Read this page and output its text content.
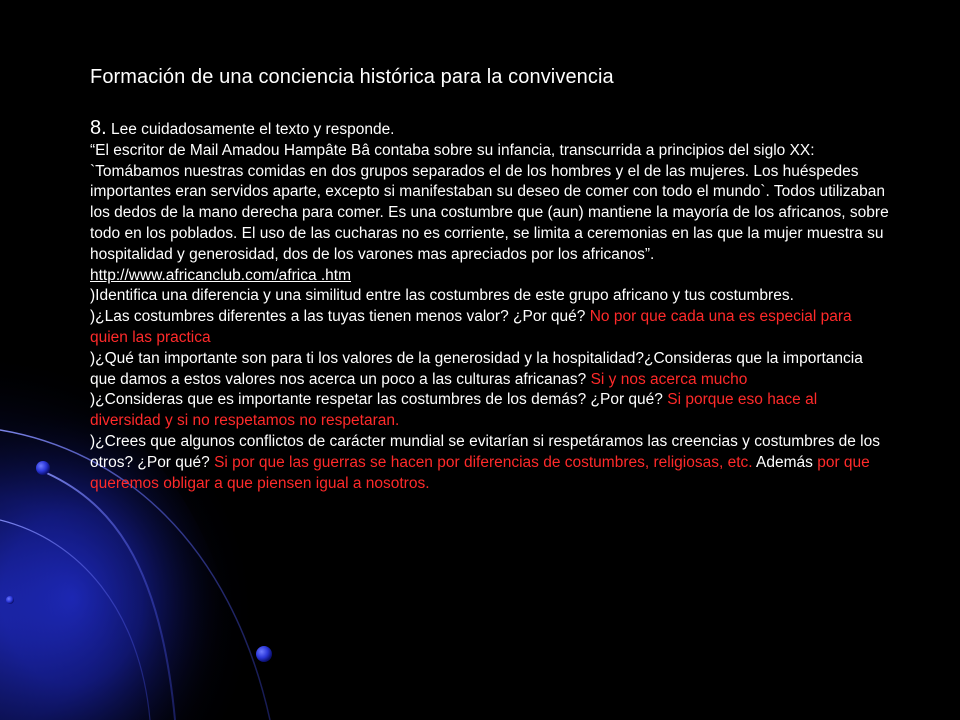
Formación de una conciencia histórica para la convivencia

8. Lee cuidadosamente el texto y responde.

“El escritor de Mail Amadou Hampâte Bâ contaba sobre su infancia, transcurrida a principios del siglo XX: `Tomábamos nuestras comidas en dos grupos separados el de los hombres y el de las mujeres. Los huéspedes importantes eran servidos aparte, excepto si manifestaban su deseo de comer con todo el mundo`. Todos utilizaban los dedos de la mano derecha para comer. Es una costumbre que (aun) mantiene la mayoría de los africanos, sobre todo en los poblados. El uso de las cucharas no es corriente, se limita a ceremonias en las que la mujer muestra su hospitalidad y generosidad, dos de los varones mas apreciados por los africanos”.

http://www.africanclub.com/africa .htm

)Identifica una diferencia y una similitud entre las costumbres de este grupo africano y tus costumbres.

)¿Las costumbres diferentes a las tuyas tienen menos valor? ¿Por qué? No por que cada una es especial para quien las practica

)¿Qué tan importante son para ti los valores de la generosidad y la hospitalidad?¿Consideras que la importancia que damos a estos valores nos acerca un poco a las culturas africanas? Si y nos acerca mucho

)¿Consideras que es importante respetar las costumbres de los demás? ¿Por qué? Si porque eso hace al diversidad y si no respetamos no respetaran.

)¿Crees que algunos conflictos de carácter mundial se evitarían si respetáramos las creencias y costumbres de los otros? ¿Por qué? Si por que las guerras se hacen por diferencias de costumbres, religiosas, etc. Además por que queremos obligar a que piensen igual a nosotros.
